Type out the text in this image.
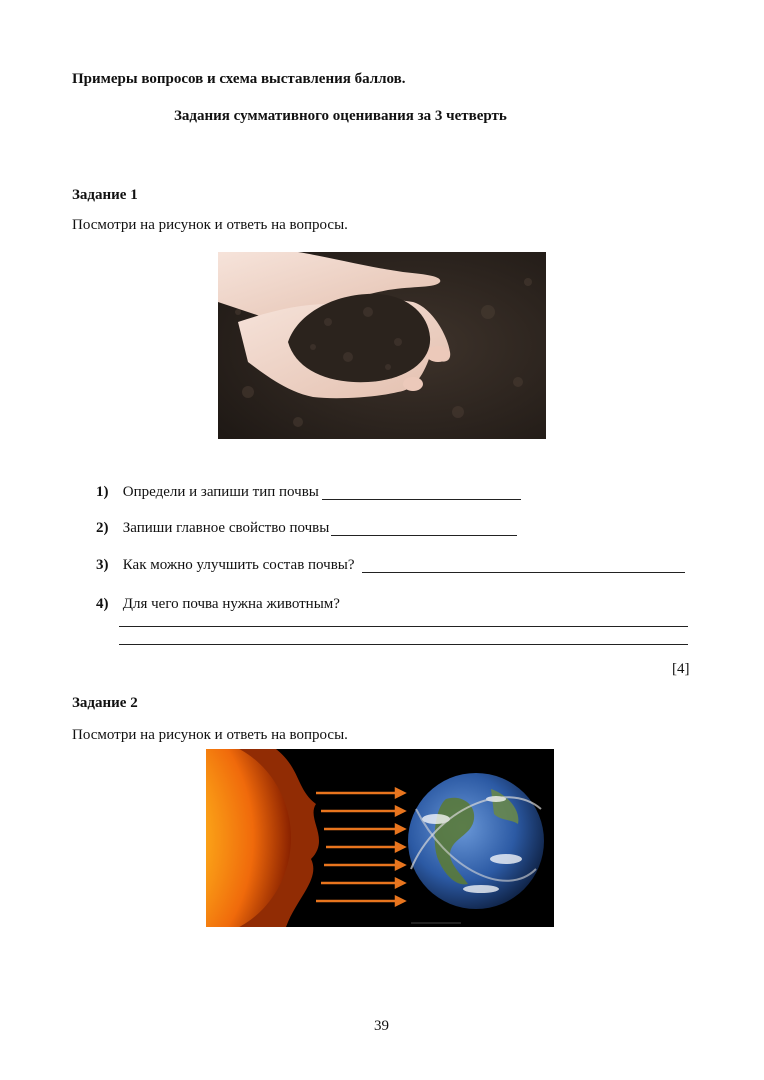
Примеры вопросов и схема выставления баллов.
Задания суммативного оценивания за 3 четверть
Задание 1
Посмотри на рисунок и ответь на вопросы.
1) Определи и запиши тип почвы
2) Запиши главное свойство почвы
3) Как можно улучшить состав почвы?
4) Для чего почва нужна животным?
[4]
Задание 2
Посмотри на рисунок и ответь на вопросы.
39
